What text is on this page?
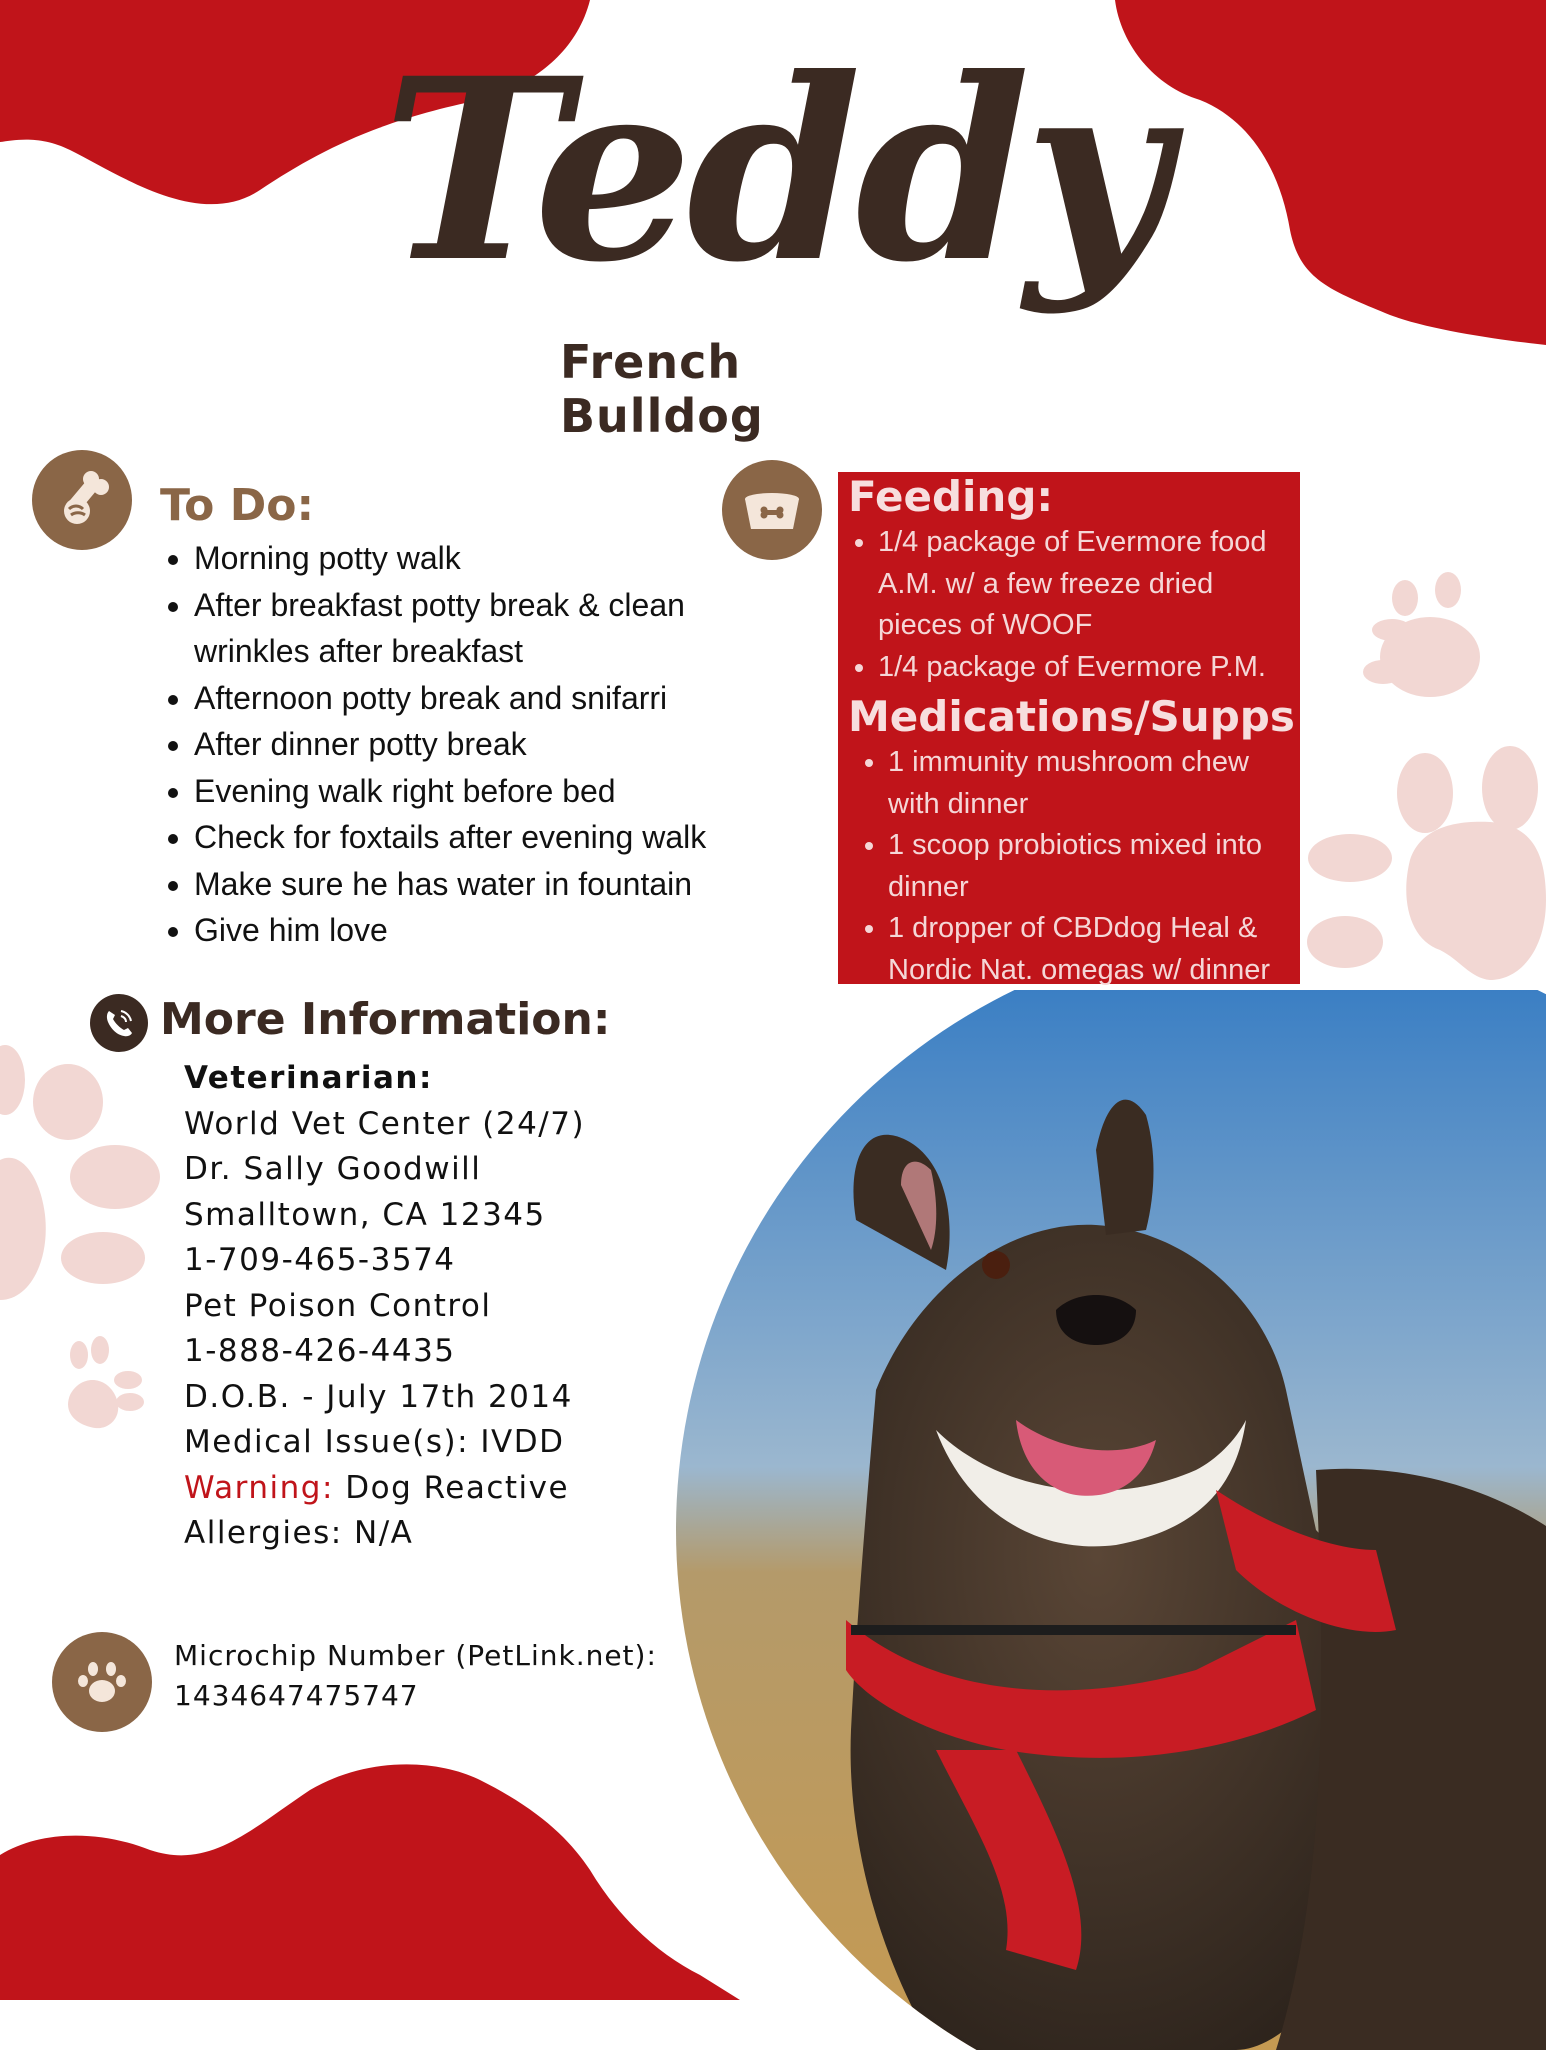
Teddy
French Bulldog
To Do:
• Morning potty walk
• After breakfast potty break & clean wrinkles after breakfast
• Afternoon potty break and snifarri
• After dinner potty break
• Evening walk right before bed
• Check for foxtails after evening walk
• Make sure he has water in fountain
• Give him love
Feeding:
• 1/4 package of Evermore food A.M. w/ a few freeze dried pieces of WOOF
• 1/4 package of Evermore P.M.
Medications/Supps
• 1 immunity mushroom chew with dinner
• 1 scoop probiotics mixed into dinner
• 1 dropper of CBDdog Heal & Nordic Nat. omegas w/ dinner
More Information:
Veterinarian:
World Vet Center (24/7)
Dr. Sally Goodwill
Smalltown, CA 12345
1-709-465-3574
Pet Poison Control
1-888-426-4435
D.O.B. - July 17th 2014
Medical Issue(s): IVDD
Warning: Dog Reactive
Allergies: N/A
Microchip Number (PetLink.net):
1434647475747
